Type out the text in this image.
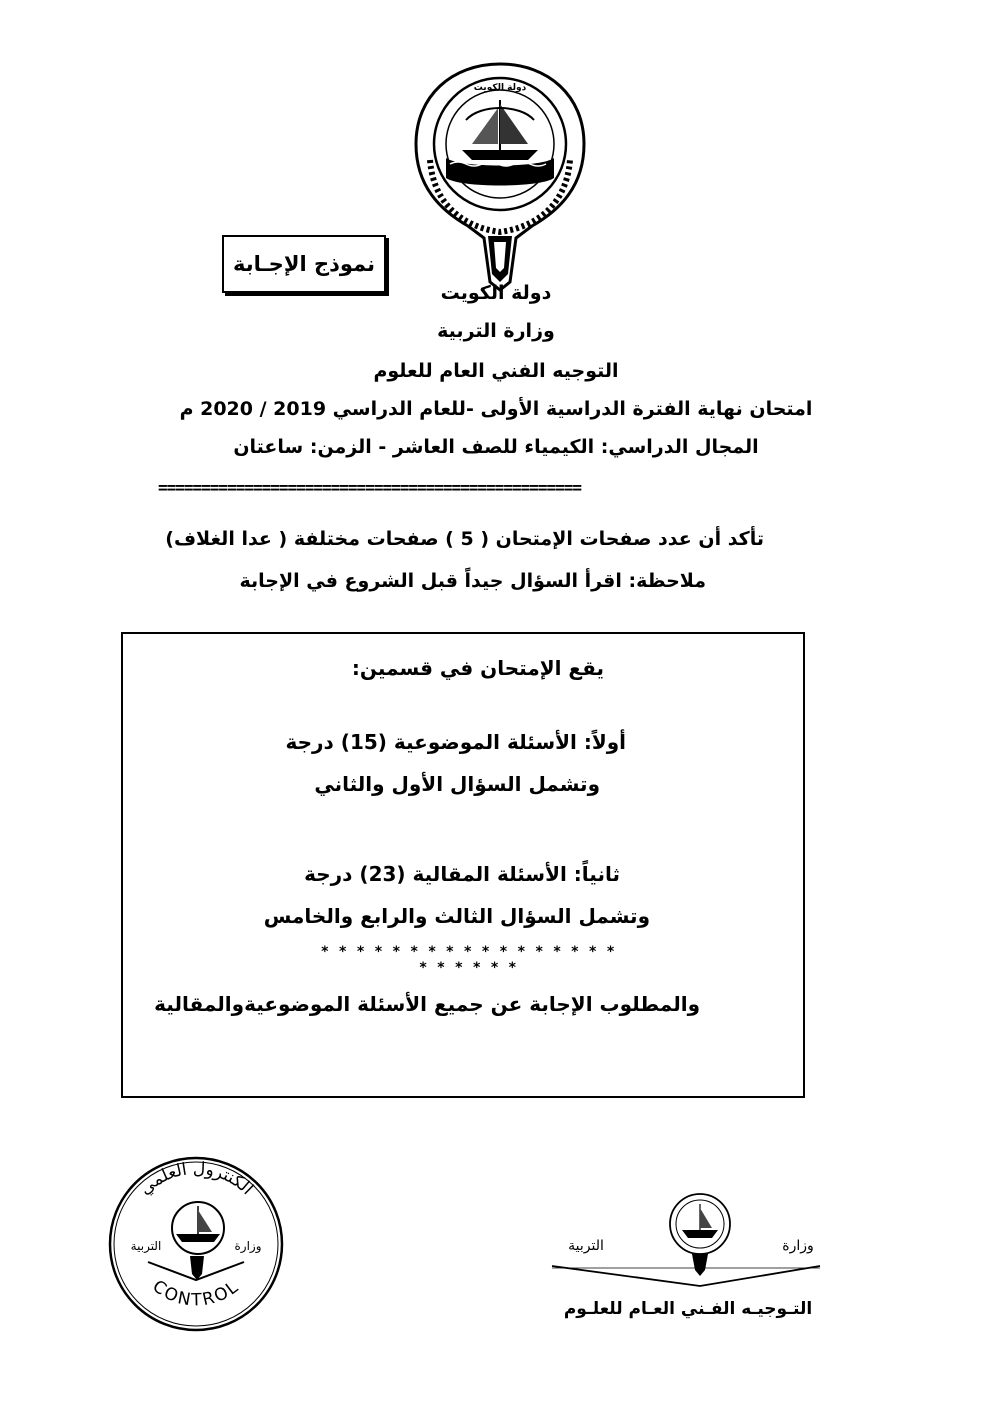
دولة الكويت
نموذج الإجـابة
دولة الكويت
وزارة التربية
التوجيه الفني العام للعلوم
امتحان نهاية الفترة الدراسية الأولى -للعام الدراسي 2019 / 2020 م
المجال الدراسي: الكيمياء للصف العاشر - الزمن: ساعتان
=================================================
تأكد أن عدد صفحات الإمتحان ( 5 ) صفحات مختلفة ( عدا الغلاف)
ملاحظة: اقرأ السؤال جيداً قبل الشروع في الإجابة
يقع الإمتحان في قسمين:
أولاً: الأسئلة الموضوعية (15) درجة
وتشمل السؤال الأول والثاني
ثانياً: الأسئلة المقالية (23) درجة
وتشمل السؤال الثالث والرابع والخامس
* * * * * * * * * * * * * * * * * * * * * * *
والمطلوب الإجابة عن جميع الأسئلة الموضوعيةوالمقالية
الكنترول العلمي
CONTROL
التربية	وزارة	التربية	وزارة
التـوجيـه الفـني العـام للعلـوم
